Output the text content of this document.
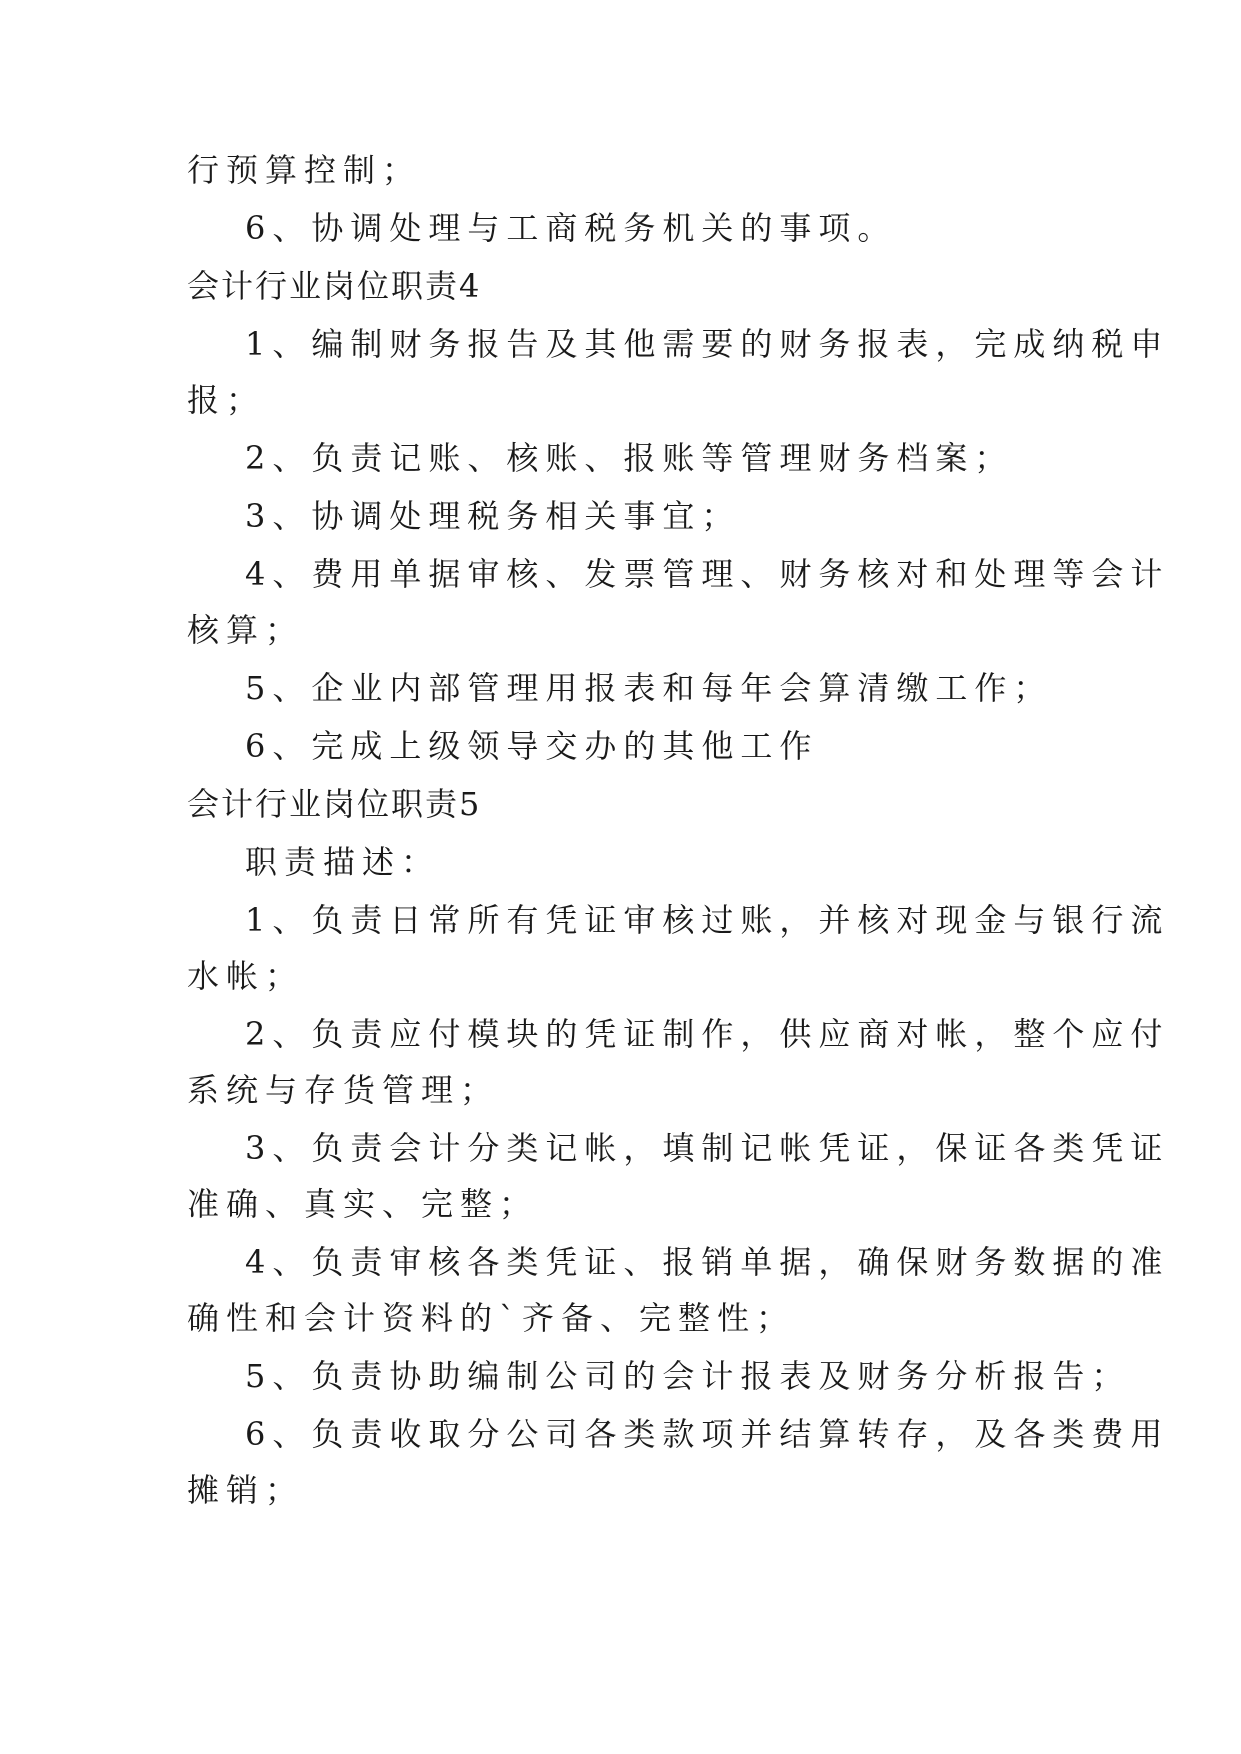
行预算控制；
6、协调处理与工商税务机关的事项。
会计行业岗位职责4
1、编制财务报告及其他需要的财务报表，完成纳税申
报；
2、负责记账、核账、报账等管理财务档案；
3、协调处理税务相关事宜；
4、费用单据审核、发票管理、财务核对和处理等会计
核算；
5、企业内部管理用报表和每年会算清缴工作；
6、完成上级领导交办的其他工作
会计行业岗位职责5
职责描述：
1、负责日常所有凭证审核过账，并核对现金与银行流
水帐；
2、负责应付模块的凭证制作，供应商对帐，整个应付
系统与存货管理；
3、负责会计分类记帐，填制记帐凭证，保证各类凭证
准确、真实、完整；
4、负责审核各类凭证、报销单据，确保财务数据的准
确性和会计资料的`齐备、完整性；
5、负责协助编制公司的会计报表及财务分析报告；
6、负责收取分公司各类款项并结算转存，及各类费用
摊销；
